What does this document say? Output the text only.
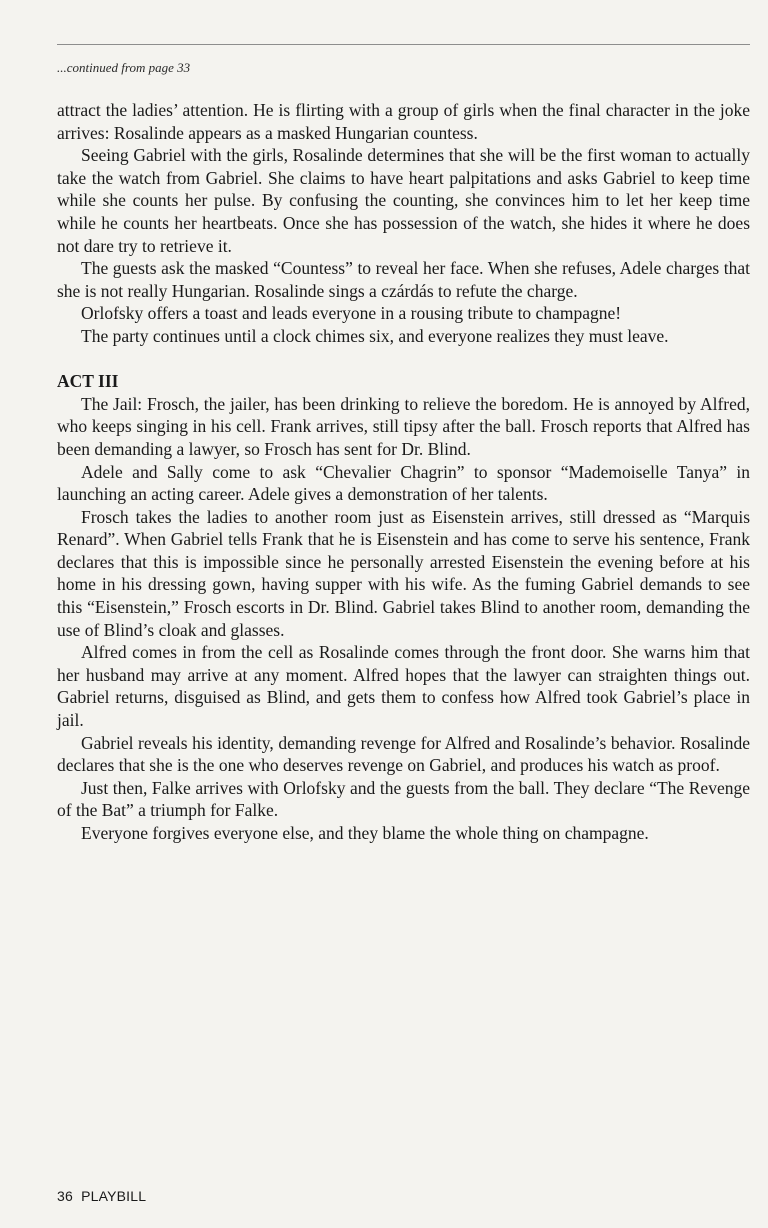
...continued from page 33

attract the ladies’ attention. He is flirting with a group of girls when the final character in the joke arrives: Rosalinde appears as a masked Hungarian countess.

Seeing Gabriel with the girls, Rosalinde determines that she will be the first woman to actually take the watch from Gabriel. She claims to have heart palpitations and asks Gabriel to keep time while she counts her pulse. By confusing the counting, she convinces him to let her keep time while he counts her heartbeats. Once she has possession of the watch, she hides it where he does not dare try to retrieve it.

The guests ask the masked “Countess” to reveal her face. When she refuses, Adele charges that she is not really Hungarian. Rosalinde sings a czárdás to refute the charge.

Orlofsky offers a toast and leads everyone in a rousing tribute to champagne!

The party continues until a clock chimes six, and everyone realizes they must leave.

ACT III

The Jail: Frosch, the jailer, has been drinking to relieve the boredom. He is annoyed by Alfred, who keeps singing in his cell. Frank arrives, still tipsy after the ball. Frosch reports that Alfred has been demanding a lawyer, so Frosch has sent for Dr. Blind.

Adele and Sally come to ask “Chevalier Chagrin” to sponsor “Mademoiselle Tanya” in launching an acting career. Adele gives a demonstration of her talents.

Frosch takes the ladies to another room just as Eisenstein arrives, still dressed as “Marquis Renard”. When Gabriel tells Frank that he is Eisenstein and has come to serve his sentence, Frank declares that this is impossible since he personally arrested Eisenstein the evening before at his home in his dressing gown, having supper with his wife. As the fuming Gabriel demands to see this “Eisenstein,” Frosch escorts in Dr. Blind. Gabriel takes Blind to another room, demanding the use of Blind’s cloak and glasses.

Alfred comes in from the cell as Rosalinde comes through the front door. She warns him that her husband may arrive at any moment. Alfred hopes that the lawyer can straighten things out. Gabriel returns, disguised as Blind, and gets them to confess how Alfred took Gabriel’s place in jail.

Gabriel reveals his identity, demanding revenge for Alfred and Rosalinde’s behavior. Rosalinde declares that she is the one who deserves revenge on Gabriel, and produces his watch as proof.

Just then, Falke arrives with Orlofsky and the guests from the ball. They declare “The Revenge of the Bat” a triumph for Falke.

Everyone forgives everyone else, and they blame the whole thing on champagne.

36 PLAYBILL
